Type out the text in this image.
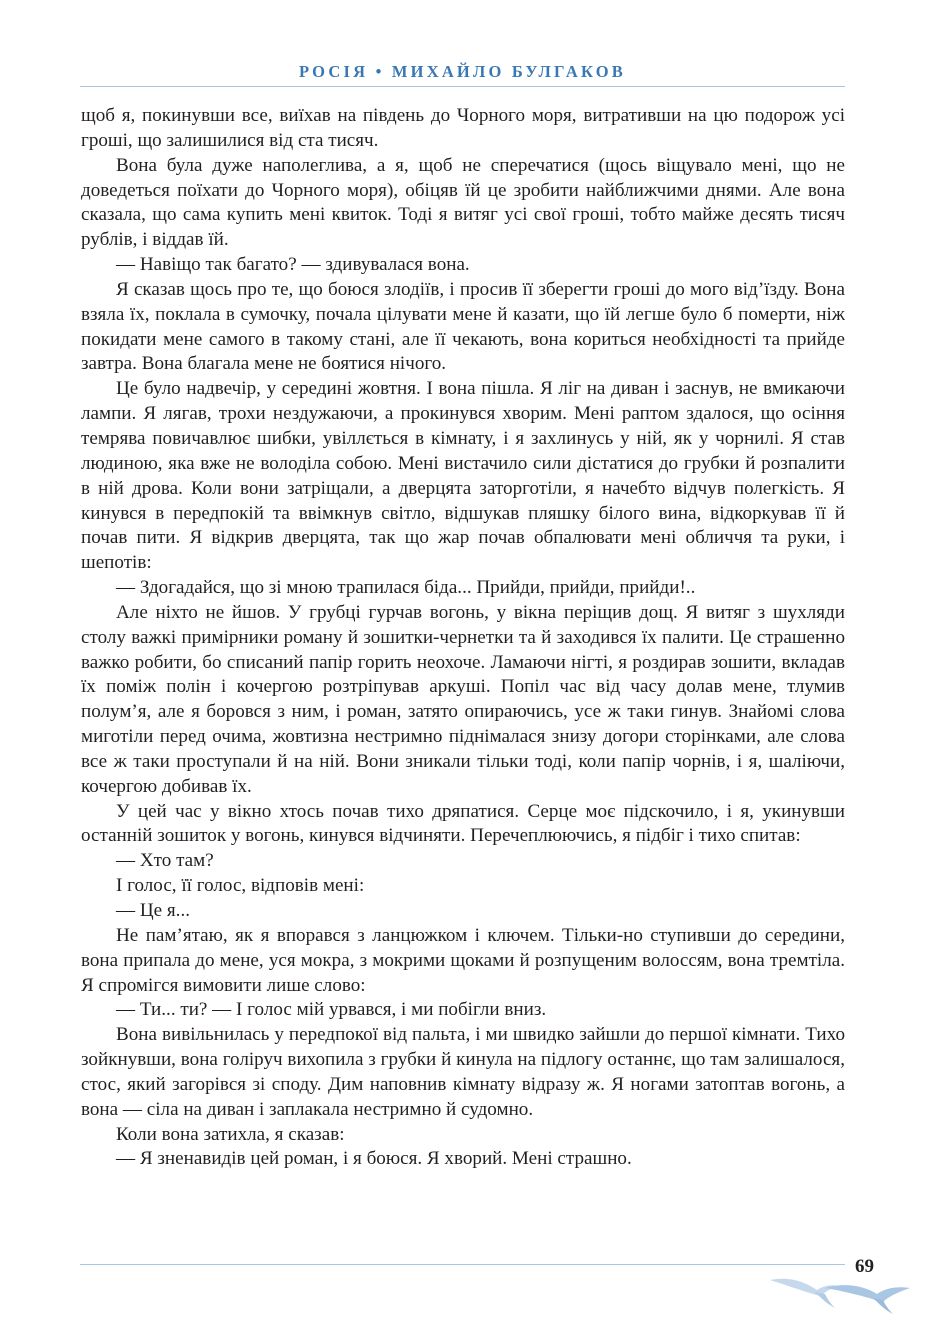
РОСІЯ • МИХАЙЛО БУЛГАКОВ

щоб я, покинувши все, виїхав на південь до Чорного моря, витративши на цю подорож усі гроші, що залишилися від ста тисяч.

Вона була дуже наполеглива, а я, щоб не сперечатися (щось віщувало мені, що не доведеться поїхати до Чорного моря), обіцяв їй це зробити найближчими днями. Але вона сказала, що сама купить мені квиток. Тоді я витяг усі свої гроші, тобто майже десять тисяч рублів, і віддав їй.

— Навіщо так багато? — здивувалася вона.

Я сказав щось про те, що боюся злодіїв, і просив її зберегти гроші до мого від’їзду. Вона взяла їх, поклала в сумочку, почала цілувати мене й казати, що їй легше було б померти, ніж покидати мене самого в такому стані, але її чекають, вона кориться необхідності та прийде завтра. Вона благала мене не боятися нічого.

Це було надвечір, у середині жовтня. І вона пішла. Я ліг на диван і заснув, не вмикаючи лампи. Я лягав, трохи нездужаючи, а прокинувся хворим. Мені раптом здалося, що осіння темрява повичавлює шибки, увіллється в кімнату, і я захлинусь у ній, як у чорнилі. Я став людиною, яка вже не володіла собою. Мені вистачило сили дістатися до грубки й розпалити в ній дрова. Коли вони затріщали, а дверцята заторготіли, я начебто відчув полегкість. Я кинувся в передпокій та ввімкнув світло, відшукав пляшку білого вина, відкоркував її й почав пити. Я відкрив дверцята, так що жар почав обпалювати мені обличчя та руки, і шепотів:

— Здогадайся, що зі мною трапилася біда... Прийди, прийди, прийди!..

Але ніхто не йшов. У грубці гурчав вогонь, у вікна періщив дощ. Я витяг з шухляди столу важкі примірники роману й зошитки-чернетки та й заходився їх палити. Це страшенно важко робити, бо списаний папір горить неохоче. Ламаючи нігті, я роздирав зошити, вкладав їх поміж полін і кочергою розтріпував аркуші. Попіл час від часу долав мене, тлумив полум’я, але я боровся з ним, і роман, затято опираючись, усе ж таки гинув. Знайомі слова миготіли перед очима, жовтизна нестримно піднімалася знизу догори сторінками, але слова все ж таки проступали й на ній. Вони зникали тільки тоді, коли папір чорнів, і я, шаліючи, кочергою добивав їх.

У цей час у вікно хтось почав тихо дряпатися. Серце моє підскочило, і я, укинувши останній зошиток у вогонь, кинувся відчиняти. Перечеплюючись, я підбіг і тихо спитав:

— Хто там?

І голос, її голос, відповів мені:

— Це я...

Не пам’ятаю, як я впорався з ланцюжком і ключем. Тільки-но ступивши до середини, вона припала до мене, уся мокра, з мокрими щоками й розпущеним волоссям, вона тремтіла. Я спромігся вимовити лише слово:

— Ти... ти? — І голос мій урвався, і ми побігли вниз.

Вона вивільнилась у передпокої від пальта, і ми швидко зайшли до першої кімнати. Тихо зойкнувши, вона голіруч вихопила з грубки й кинула на підлогу останнє, що там залишалося, стос, який загорівся зі споду. Дим наповнив кімнату відразу ж. Я ногами затоптав вогонь, а вона — сіла на диван і заплакала нестримно й судомно.

Коли вона затихла, я сказав:

— Я зненавидів цей роман, і я боюся. Я хворий. Мені страшно.

69
